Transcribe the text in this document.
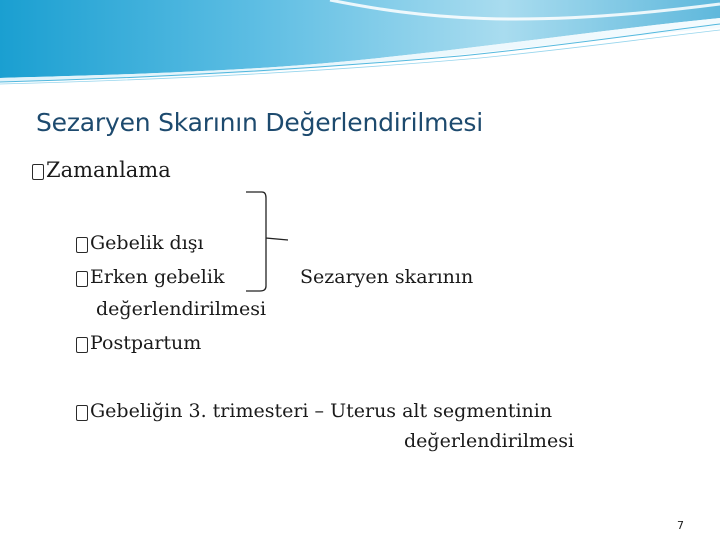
Sezaryen Skarının Değerlendirilmesi
Zamanlama
Gebelik dışı
Erken gebelik
değerlendirilmesi
Postpartum
Sezaryen skarının
Gebeliğin 3. trimesteri – Uterus alt segmentinin
değerlendirilmesi
7
